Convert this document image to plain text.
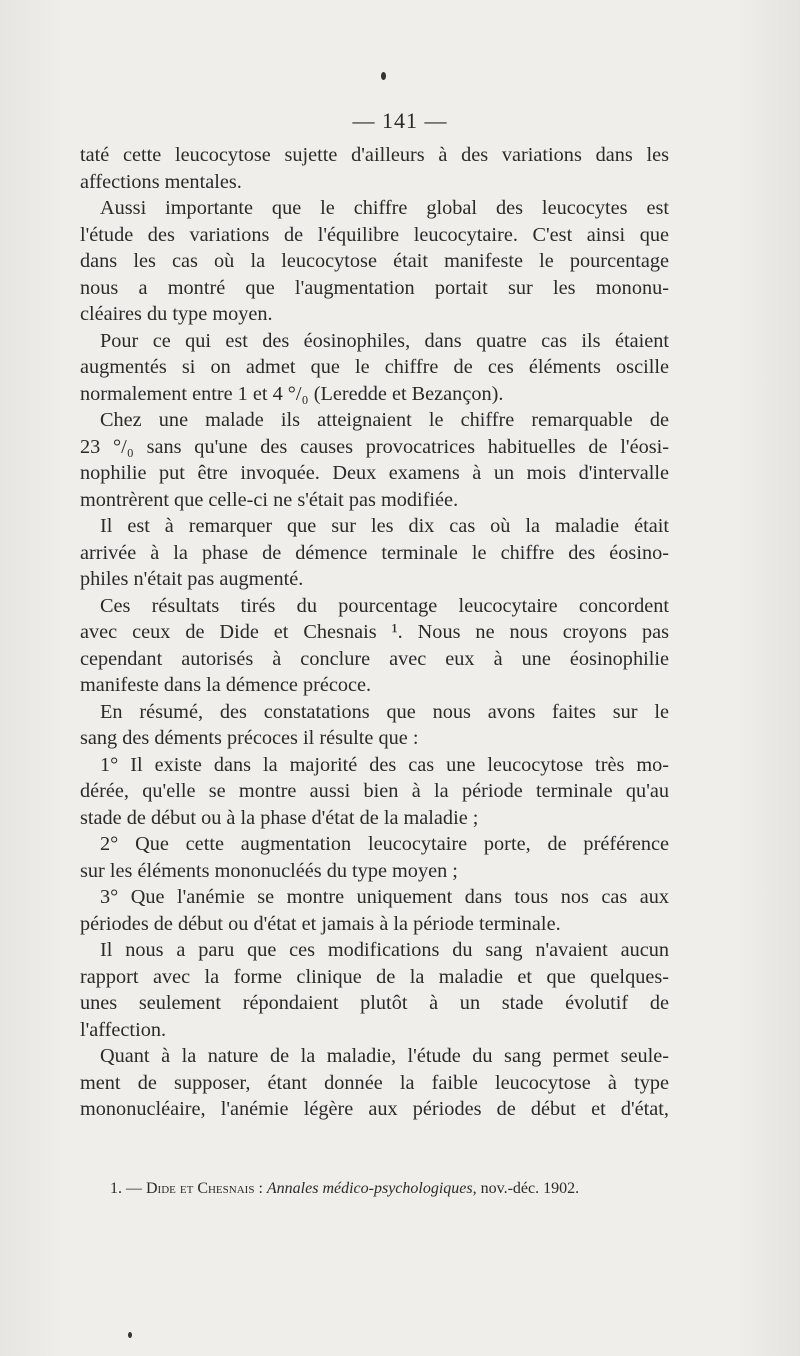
— 141 —
taté cette leucocytose sujette d'ailleurs à des variations dans les
affections mentales.
Aussi importante que le chiffre global des leucocytes est
l'étude des variations de l'équilibre leucocytaire. C'est ainsi que
dans les cas où la leucocytose était manifeste le pourcentage
nous a montré que l'augmentation portait sur les mononu-
cléaires du type moyen.
Pour ce qui est des éosinophiles, dans quatre cas ils étaient
augmentés si on admet que le chiffre de ces éléments oscille
normalement entre 1 et 4 °/₀ (Leredde et Bezançon).
Chez une malade ils atteignaient le chiffre remarquable de
23 °/₀ sans qu'une des causes provocatrices habituelles de l'éosi-
nophilie put être invoquée. Deux examens à un mois d'intervalle
montrèrent que celle-ci ne s'était pas modifiée.
Il est à remarquer que sur les dix cas où la maladie était
arrivée à la phase de démence terminale le chiffre des éosino-
philes n'était pas augmenté.
Ces résultats tirés du pourcentage leucocytaire concordent
avec ceux de Dide et Chesnais ¹. Nous ne nous croyons pas
cependant autorisés à conclure avec eux à une éosinophilie
manifeste dans la démence précoce.
En résumé, des constatations que nous avons faites sur le
sang des déments précoces il résulte que :
1° Il existe dans la majorité des cas une leucocytose très mo-
dérée, qu'elle se montre aussi bien à la période terminale qu'au
stade de début ou à la phase d'état de la maladie ;
2° Que cette augmentation leucocytaire porte, de préférence
sur les éléments mononucléés du type moyen ;
3° Que l'anémie se montre uniquement dans tous nos cas aux
périodes de début ou d'état et jamais à la période terminale.
Il nous a paru que ces modifications du sang n'avaient aucun
rapport avec la forme clinique de la maladie et que quelques-
unes seulement répondaient plutôt à un stade évolutif de
l'affection.
Quant à la nature de la maladie, l'étude du sang permet seule-
ment de supposer, étant donnée la faible leucocytose à type
mononucléaire, l'anémie légère aux périodes de début et d'état,
1. — Dide et Chesnais : Annales médico-psychologiques, nov.-déc. 1902.
